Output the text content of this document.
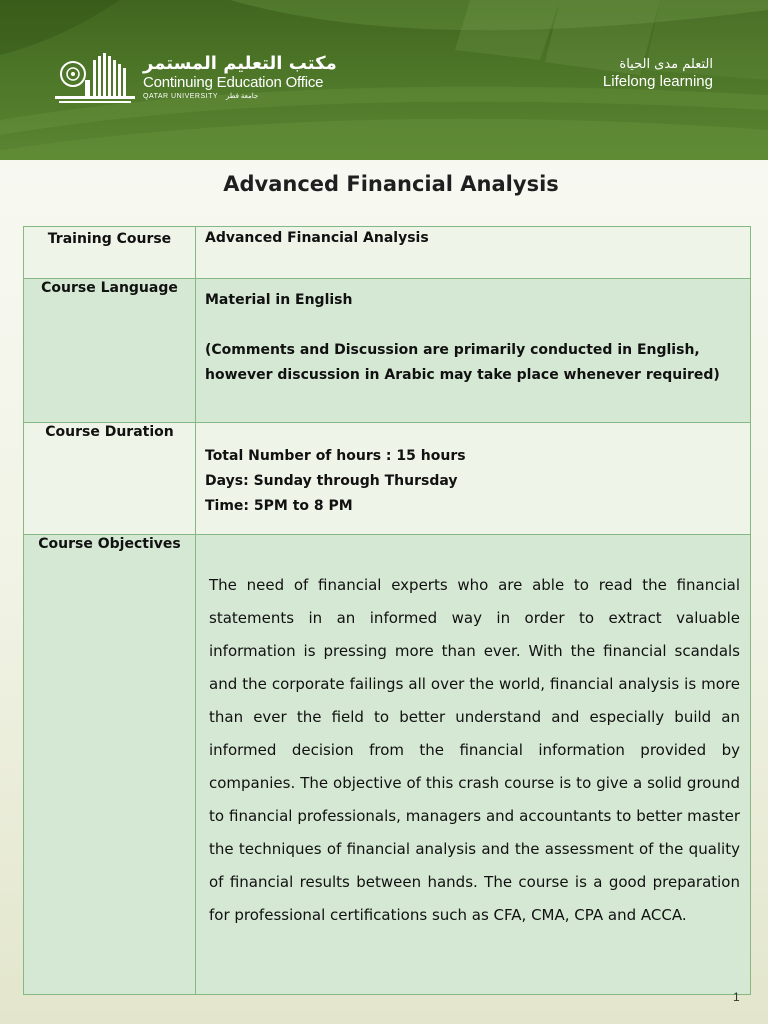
مكتب التعليم المستمر
Continuing Education Office
QATAR UNIVERSITY جامعة قطر
التعلم مدى الحياة
Lifelong learning
Advanced Financial Analysis
Training Course	Advanced Financial Analysis
Course Language	Material in English
(Comments and Discussion are primarily conducted in English, however discussion in Arabic may take place whenever required)

Course Duration	Total Number of hours : 15 hours
Days: Sunday through Thursday
Time: 5PM to 8 PM

Course Objectives	The need of financial experts who are able to read the financial statements in an informed way in order to extract valuable information is pressing more than ever. With the financial scandals and the corporate failings all over the world, financial analysis is more than ever the field to better understand and especially build an informed decision from the financial information provided by companies. The objective of this crash course is to give a solid ground to financial professionals, managers and accountants to better master the techniques of financial analysis and the assessment of the quality of financial results between hands. The course is a good preparation for professional certifications such as CFA, CMA, CPA and ACCA.
1
